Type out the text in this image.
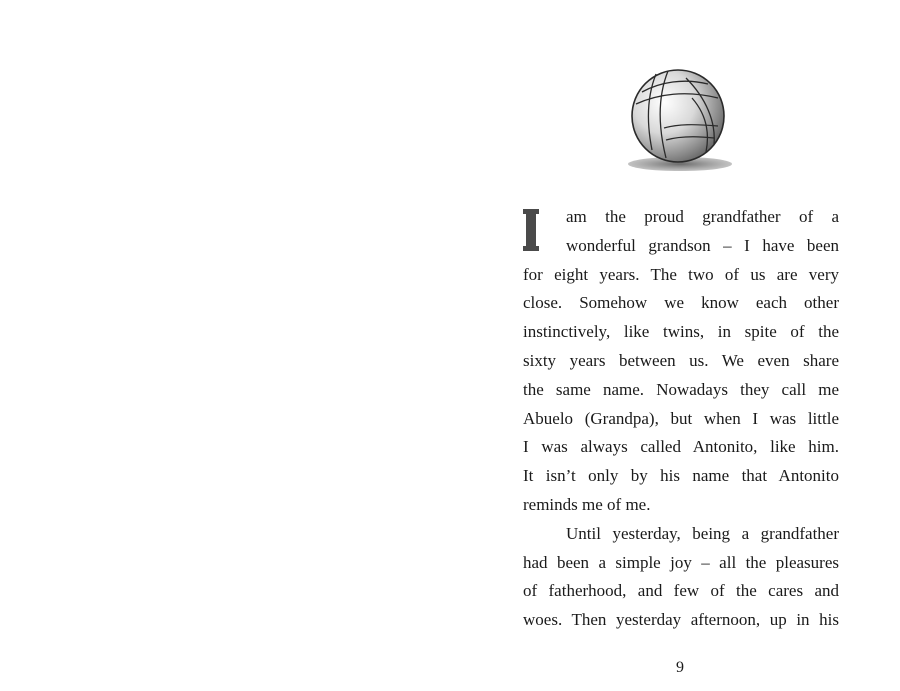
am the proud grandfather of a
wonderful grandson – I have been
for eight years. The two of us are very
close. Somehow we know each other
instinctively, like twins, in spite of the
sixty years between us. We even share
the same name. Nowadays they call me
Abuelo (Grandpa), but when I was little
I was always called Antonito, like him.
It isn’t only by his name that Antonito
reminds me of me.

Until yesterday, being a grandfather
had been a simple joy – all the pleasures
of fatherhood, and few of the cares and
woes. Then yesterday afternoon, up in his

9
